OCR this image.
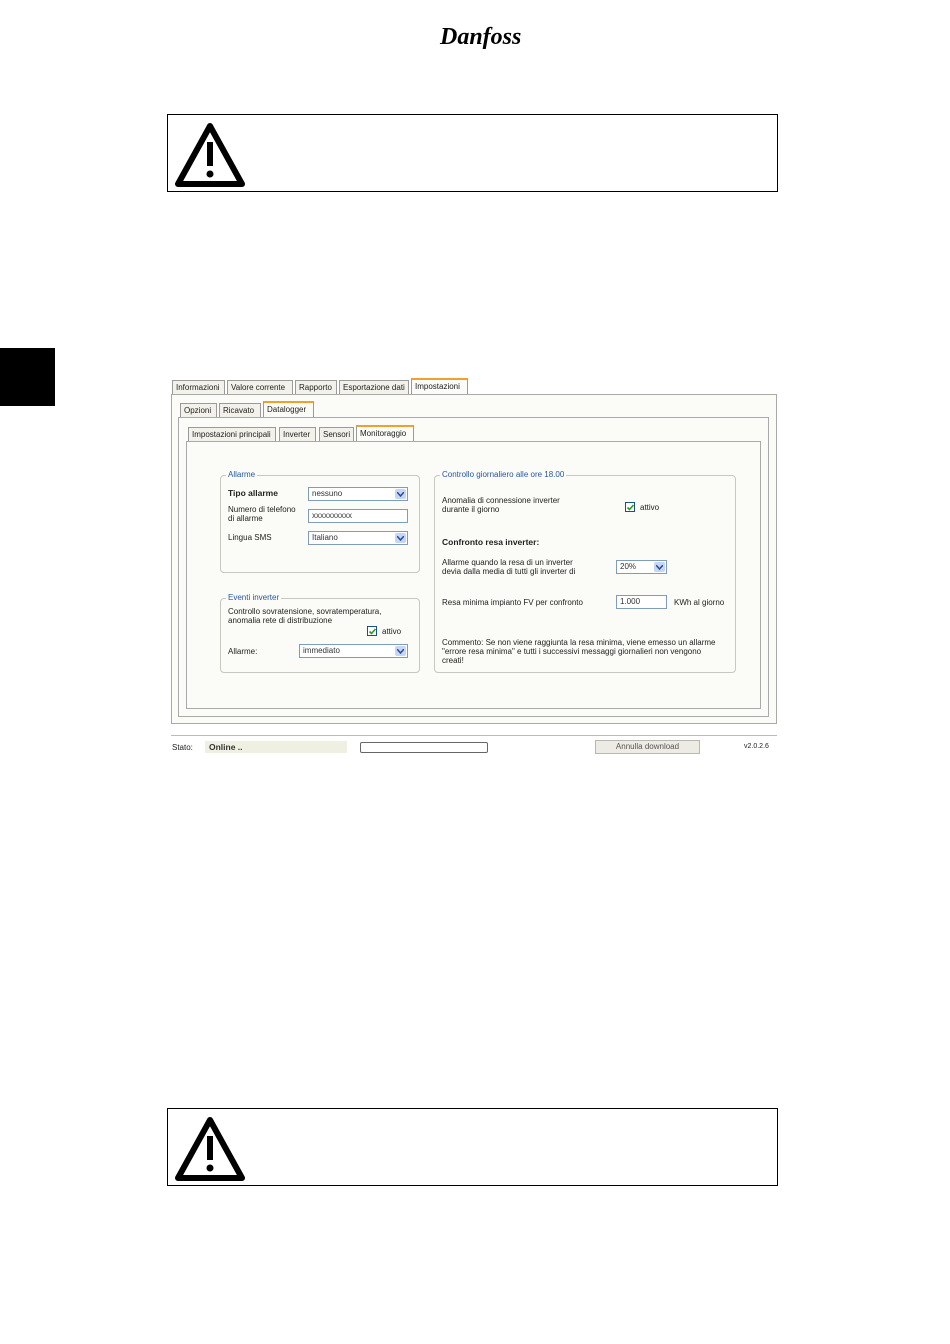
Danfoss
Informazioni	Valore corrente	Rapporto	Esportazione dati	Impostazioni
Opzioni	Ricavato	Datalogger
Impostazioni principali	Inverter	Sensori	Monitoraggio
Allarme
Tipo allarme	nessuno
Numero di telefono
di allarme	xxxxxxxxxx
Lingua SMS	Italiano
Eventi inverter
Controllo sovratensione, sovratemperatura,
anomalia rete di distribuzione
attivo
Allarme:	immediato
Controllo giornaliero alle ore 18.00
Anomalia di connessione inverter
durante il giorno	attivo
Confronto resa inverter:
Allarme quando la resa di un inverter
devia dalla media di tutti gli inverter di
20%
Resa minima impianto FV per confronto	1.000	KWh al giorno
Commento: Se non viene raggiunta la resa minima, viene emesso un allarme
"errore resa minima" e tutti i successivi messaggi giornalieri non vengono
creati!
Stato:	Online ..	Annulla download	v2.0.2.6
